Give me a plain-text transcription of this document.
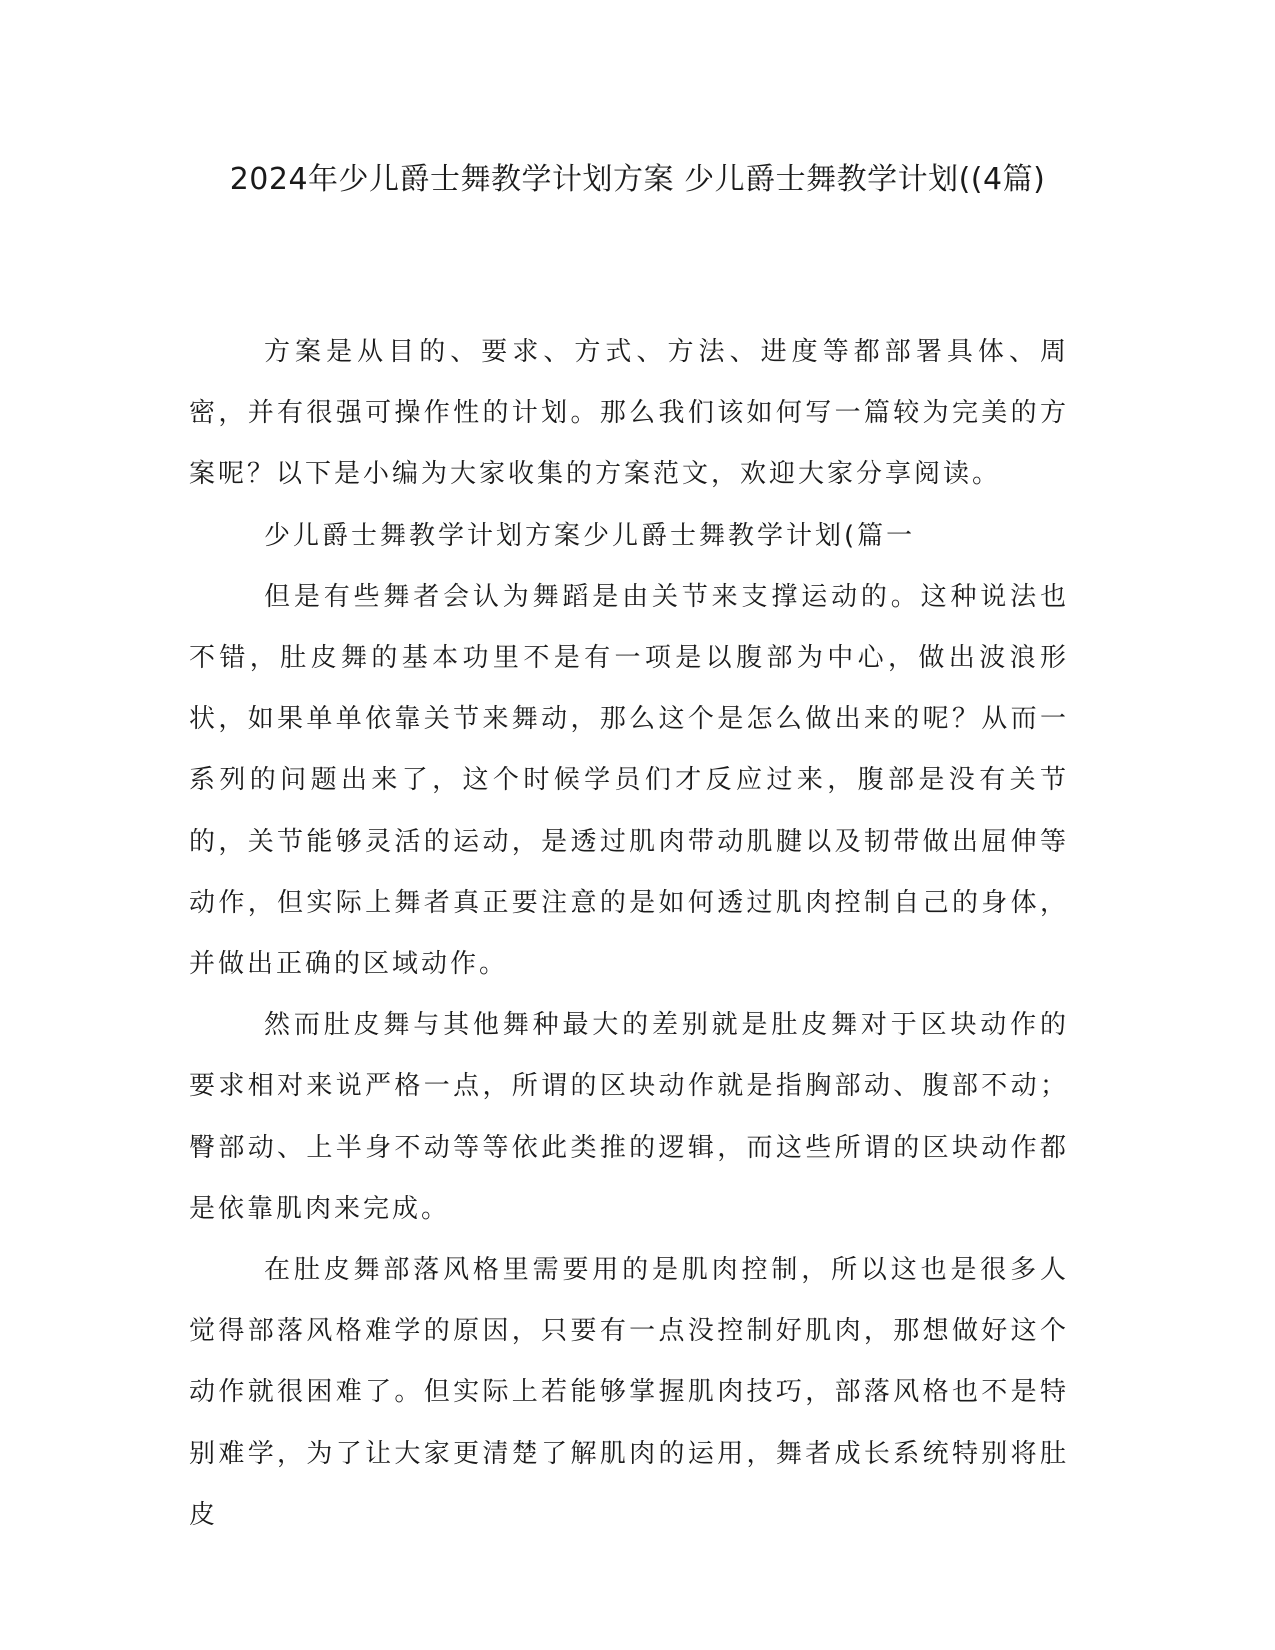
2024年少儿爵士舞教学计划方案 少儿爵士舞教学计划((4篇)

方案是从目的、要求、方式、方法、进度等都部署具体、周密，并有很强可操作性的计划。那么我们该如何写一篇较为完美的方案呢？以下是小编为大家收集的方案范文，欢迎大家分享阅读。

少儿爵士舞教学计划方案少儿爵士舞教学计划(篇一

但是有些舞者会认为舞蹈是由关节来支撑运动的。这种说法也不错，肚皮舞的基本功里不是有一项是以腹部为中心，做出波浪形状，如果单单依靠关节来舞动，那么这个是怎么做出来的呢？从而一系列的问题出来了，这个时候学员们才反应过来，腹部是没有关节的，关节能够灵活的运动，是透过肌肉带动肌腱以及韧带做出屈伸等动作，但实际上舞者真正要注意的是如何透过肌肉控制自己的身体，并做出正确的区域动作。

然而肚皮舞与其他舞种最大的差别就是肚皮舞对于区块动作的要求相对来说严格一点，所谓的区块动作就是指胸部动、腹部不动；臀部动、上半身不动等等依此类推的逻辑，而这些所谓的区块动作都是依靠肌肉来完成。

在肚皮舞部落风格里需要用的是肌肉控制，所以这也是很多人觉得部落风格难学的原因，只要有一点没控制好肌肉，那想做好这个动作就很困难了。但实际上若能够掌握肌肉技巧，部落风格也不是特别难学，为了让大家更清楚了解肌肉的运用，舞者成长系统特别将肚皮
